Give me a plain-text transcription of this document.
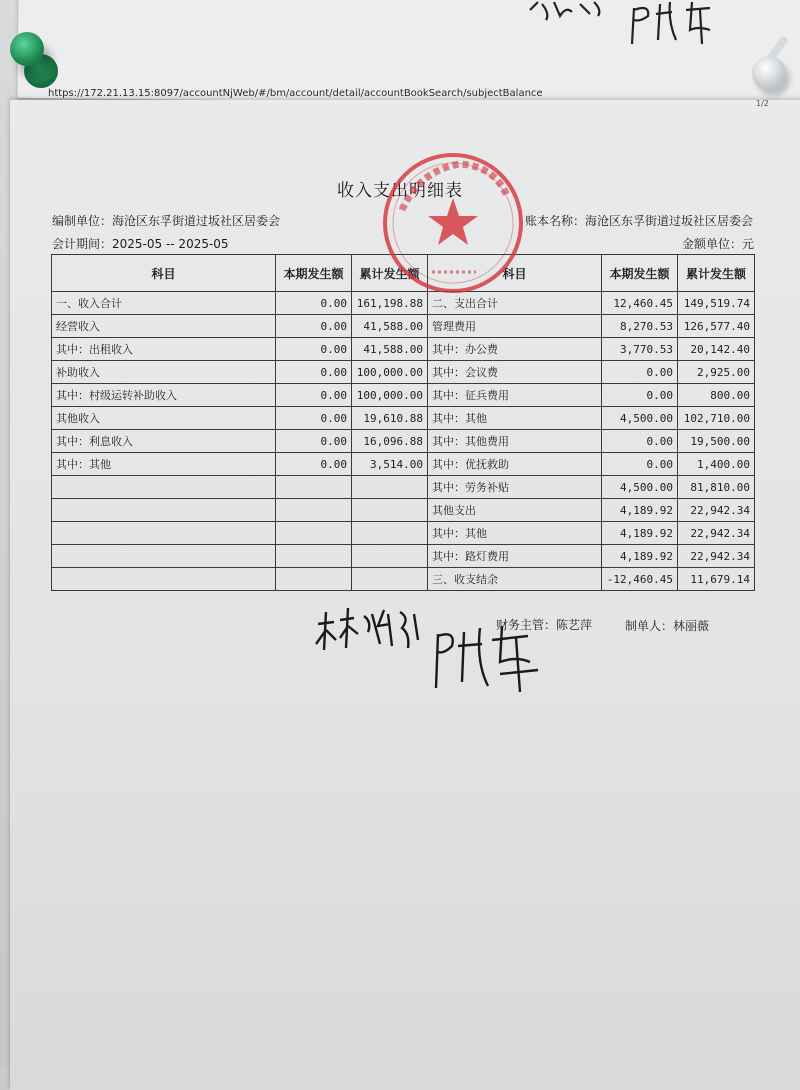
https://172.21.13.15:8097/accountNjWeb/#/bm/account/detail/accountBookSearch/subjectBalance
1/2
收入支出明细表
编制单位：海沧区东孚街道过坂社区居委会	账本名称：海沧区东孚街道过坂社区居委会
会计期间：2025-05 -- 2025-05	金额单位：元
科目	本期发生额	累计发生额	科目	本期发生额	累计发生额
一、收入合计	0.00	161,198.88	二、支出合计	12,460.45	149,519.74
经营收入	0.00	41,588.00	管理费用	8,270.53	126,577.40
其中：出租收入	0.00	41,588.00	其中：办公费	3,770.53	20,142.40
补助收入	0.00	100,000.00	其中：会议费	0.00	2,925.00
其中：村级运转补助收入	0.00	100,000.00	其中：征兵费用	0.00	800.00
其他收入	0.00	19,610.88	其中：其他	4,500.00	102,710.00
其中：利息收入	0.00	16,096.88	其中：其他费用	0.00	19,500.00
其中：其他	0.00	3,514.00	其中：优抚救助	0.00	1,400.00
			其中：劳务补贴	4,500.00	81,810.00
			其他支出	4,189.92	22,942.34
			其中：其他	4,189.92	22,942.34
			其中：路灯费用	4,189.92	22,942.34
			三、收支结余	-12,460.45	11,679.14
财务主管：陈艺萍	制单人：林丽薇
